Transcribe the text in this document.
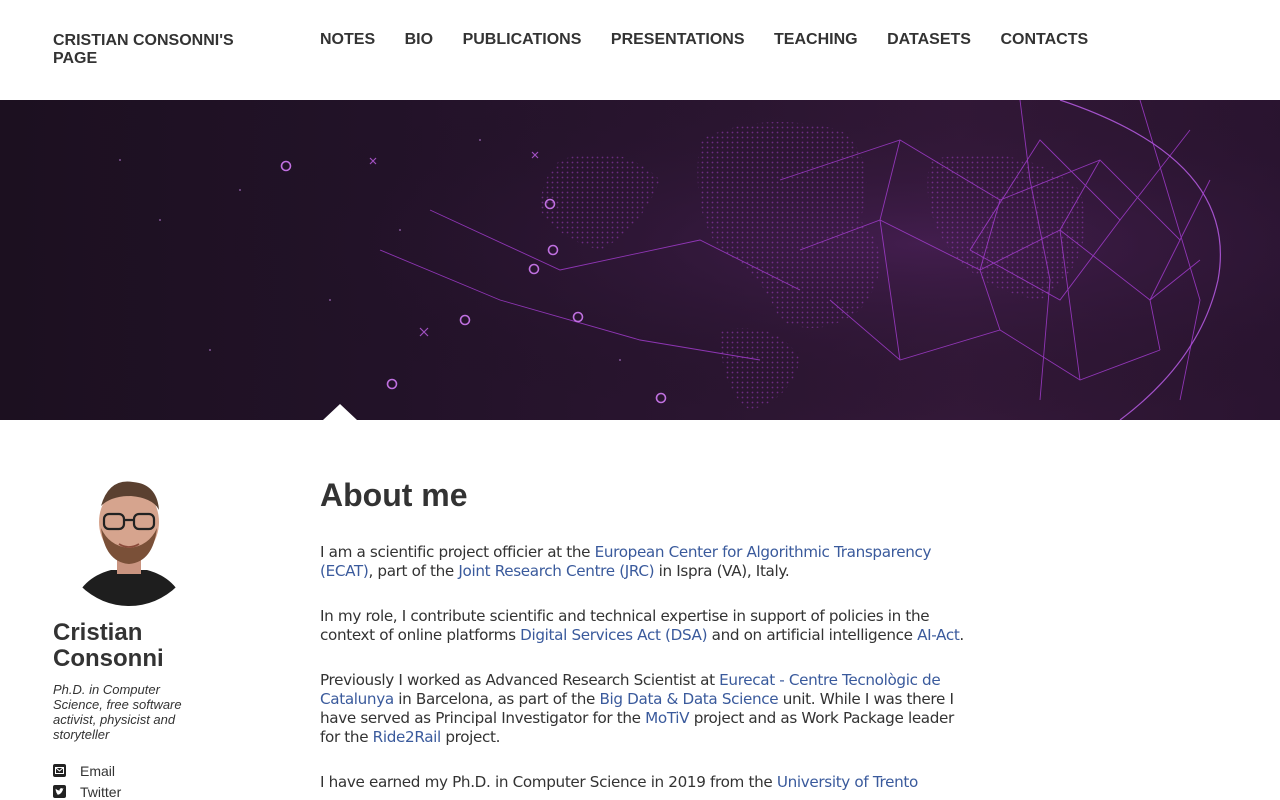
CRISTIAN CONSONNI'S PAGE
NOTES BIO PUBLICATIONS PRESENTATIONS TEACHING DATASETS CONTACTS
Cristian Consonni

Ph.D. in Computer Science, free software activist, physicist and storyteller

Email
Twitter
About me

I am a scientific project officier at the European Center for Algorithmic Transparency (ECAT), part of the Joint Research Centre (JRC) in Ispra (VA), Italy.

In my role, I contribute scientific and technical expertise in support of policies in the context of online platforms Digital Services Act (DSA) and on artificial intelligence AI-Act.

Previously I worked as Advanced Research Scientist at Eurecat - Centre Tecnològic de Catalunya in Barcelona, as part of the Big Data & Data Science unit. While I was there I have served as Principal Investigator for the MoTiV project and as Work Package leader for the Ride2Rail project.

I have earned my Ph.D. in Computer Science in 2019 from the University of Trento
